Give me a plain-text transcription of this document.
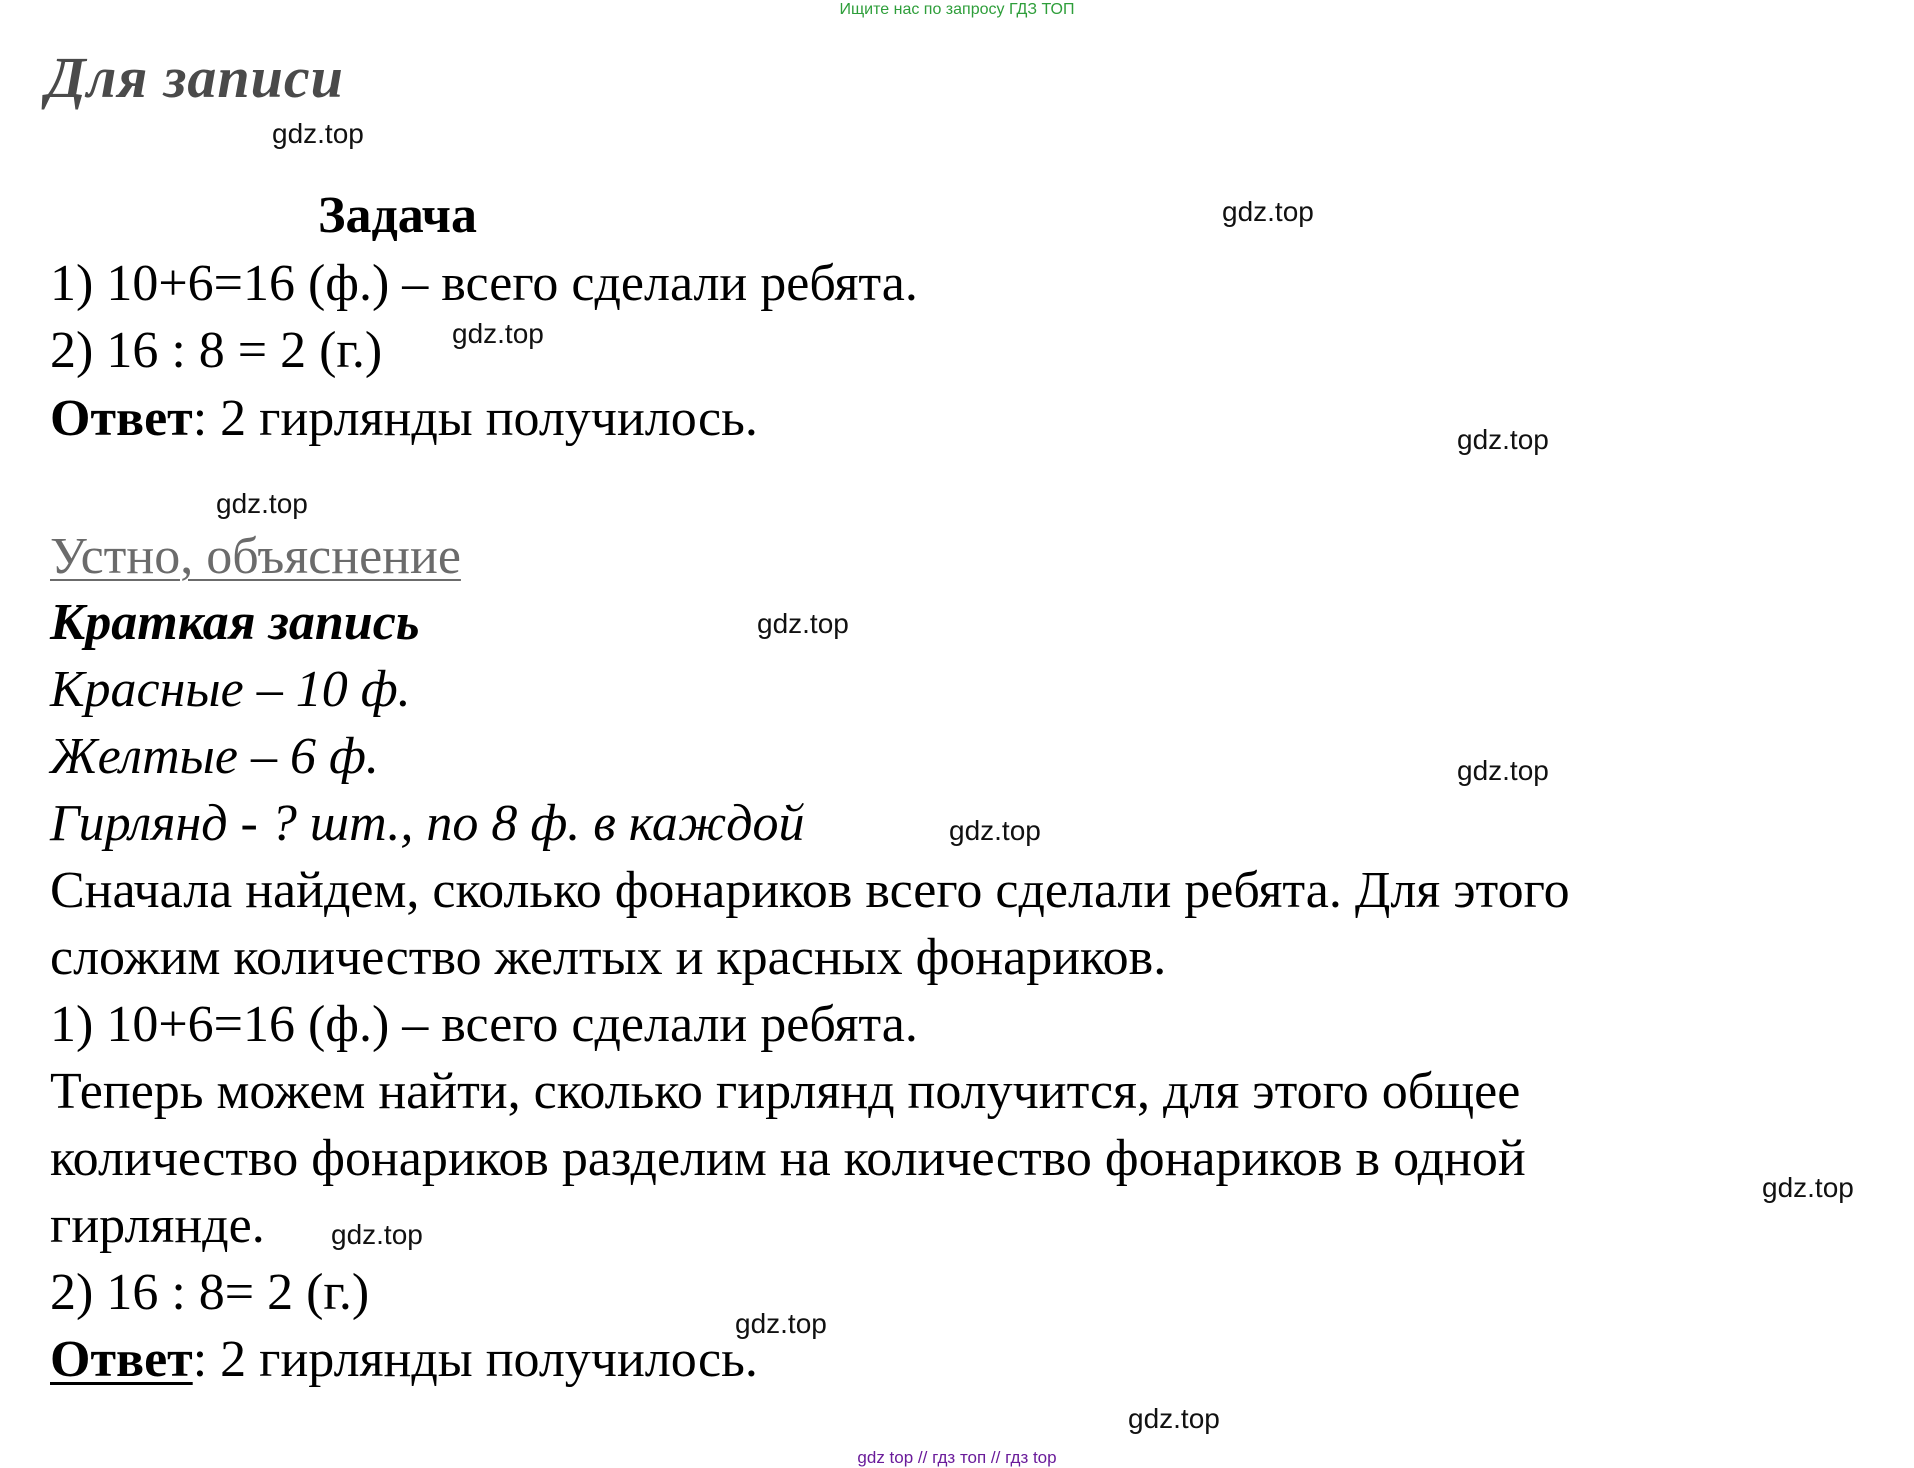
Ищите нас по запросу ГДЗ ТОП
Для записи
gdz.top
gdz.top
gdz.top
gdz.top
gdz.top
gdz.top
gdz.top
gdz.top
gdz.top
gdz.top
gdz.top
gdz.top
Задача
1) 10+6=16 (ф.) – всего сделали ребята.
2) 16 : 8 = 2 (г.)
Ответ: 2 гирлянды получилось.
Устно, объяснение
Краткая запись
Красные – 10 ф.
Желтые – 6 ф.
Гирлянд - ? шт., по 8 ф. в каждой
Сначала найдем, сколько фонариков всего сделали ребята. Для этого
сложим количество желтых и красных фонариков.
1) 10+6=16 (ф.) – всего сделали ребята.
Теперь можем найти, сколько гирлянд получится, для этого общее
количество фонариков разделим на количество фонариков в одной
гирлянде.
2) 16 : 8= 2 (г.)
Ответ: 2 гирлянды получилось.
gdz top // гдз топ // гдз top
